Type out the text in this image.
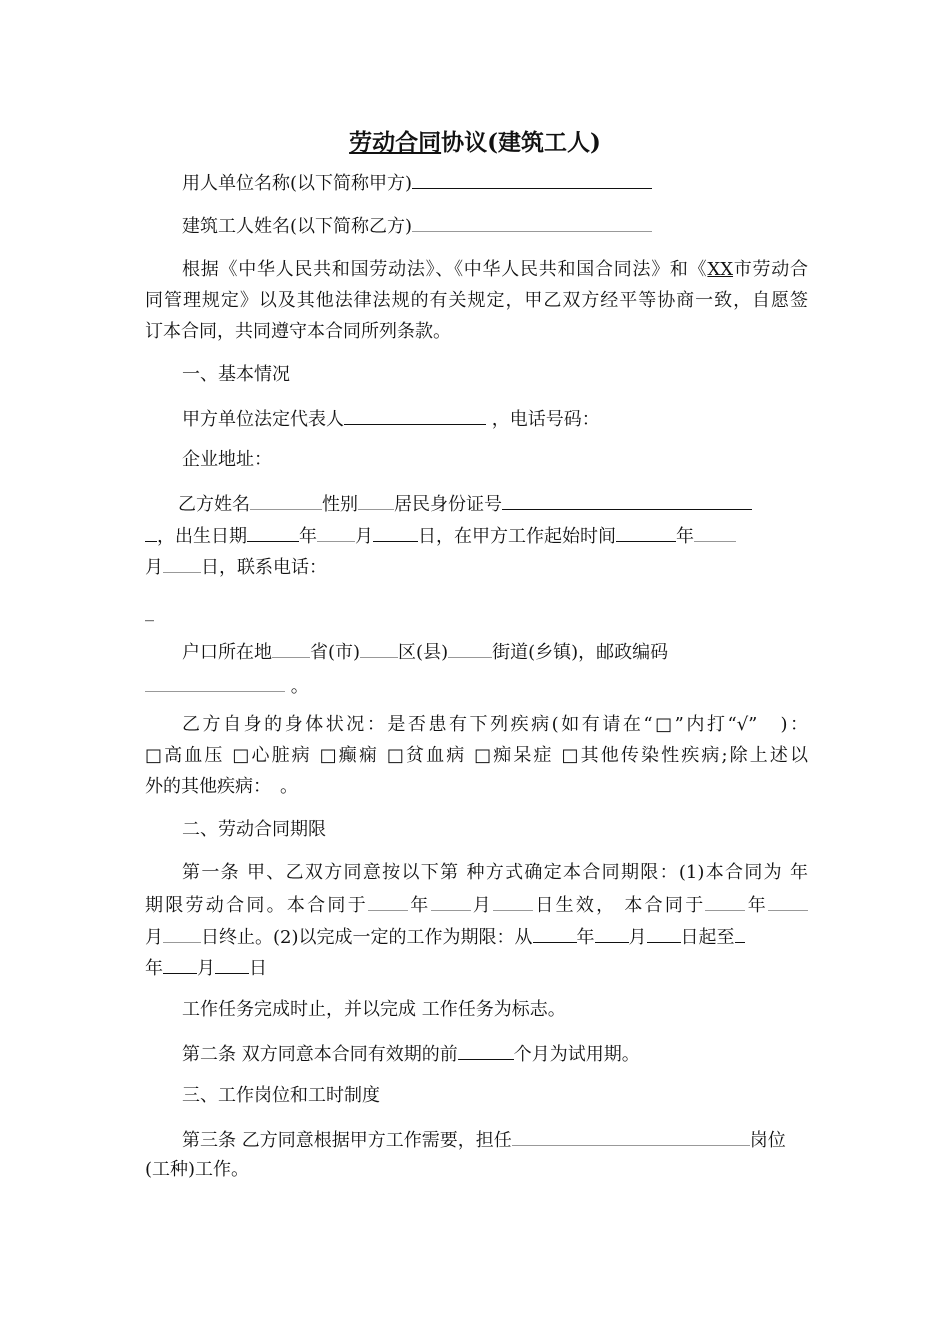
劳动合同协议(建筑工人)
用人单位名称(以下简称甲方)
建筑工人姓名(以下简称乙方)
根据《中华人民共和国劳动法》、《中华人民共和国合同法》和《XX市劳动合
同管理规定》以及其他法律法规的有关规定，甲乙双方经平等协商一致，自愿签
订本合同，共同遵守本合同所列条款。
一、基本情况
甲方单位法定代表人	，电话号码：
企业地址：
乙方姓名	性别 居民身份证号
，出生日期	年 月	日，在甲方工作起始时间	年
月 日，联系电话：
_
户口所在地 省(市) 区(县) 街道(乡镇)，邮政编码
。
乙方自身的身体状况：是否患有下列疾病(如有请在“□”内打“√”　)：
□高血压 □心脏病 □癫痫 □贫血病 □痴呆症 □其他传染性疾病;除上述以
外的其他疾病：　。
二、劳动合同期限
第一条 甲、乙双方同意按以下第 种方式确定本合同期限：(1)本合同为 年
期限劳动合同。本合同于 年 月 日生效， 本合同于 年
月 日终止。(2)以完成一定的工作为期限：从 年 月 日起至
年 月 日
工作任务完成时止，并以完成 工作任务为标志。
第二条 双方同意本合同有效期的前	个月为试用期。
三、工作岗位和工时制度
第三条 乙方同意根据甲方工作需要，担任	岗位
(工种)工作。
